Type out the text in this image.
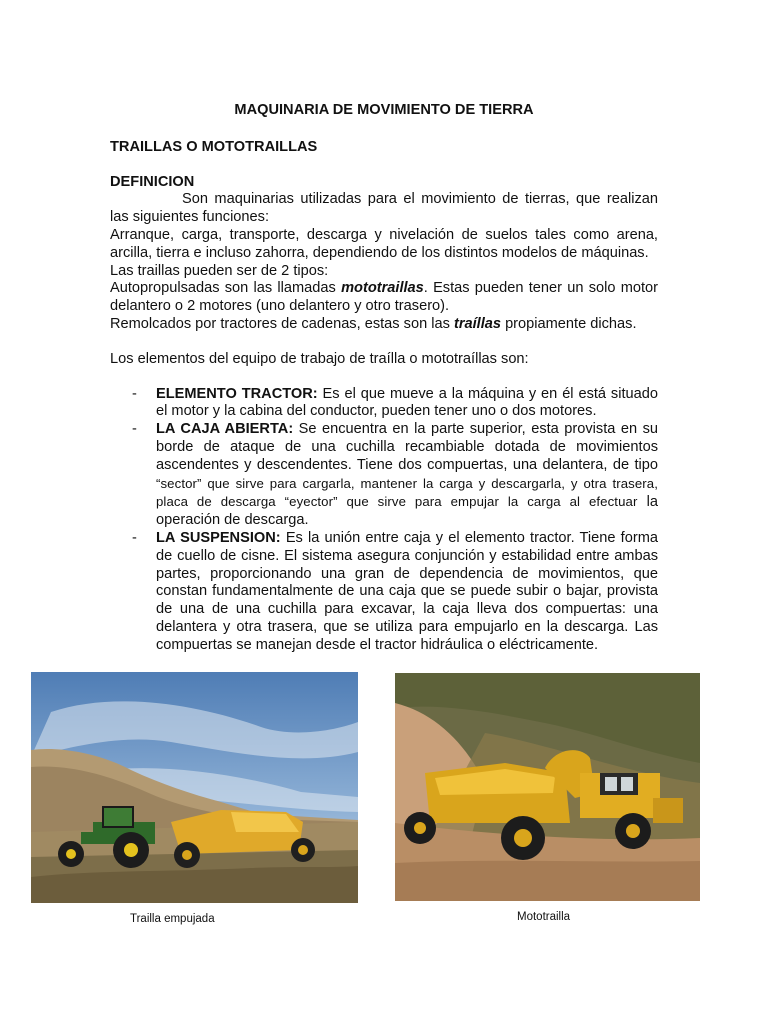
MAQUINARIA DE MOVIMIENTO DE TIERRA

TRAILLAS O MOTOTRAILLAS

DEFINICION

Son maquinarias utilizadas para el movimiento de tierras, que realizan las siguientes funciones:

Arranque, carga, transporte, descarga y nivelación de suelos tales como arena, arcilla, tierra e incluso zahorra, dependiendo de los distintos modelos de máquinas.

Las traillas pueden ser de 2 tipos:

Autopropulsadas son las llamadas mototraillas. Estas pueden tener un solo motor delantero o 2 motores (uno delantero y otro trasero).

Remolcados por tractores de cadenas, estas son las traíllas propiamente dichas.

Los elementos del equipo de trabajo de traílla o mototraíllas son:

- ELEMENTO TRACTOR: Es el que mueve a la máquina y en él está situado el motor y la cabina del conductor, pueden tener uno o dos motores.
- LA CAJA ABIERTA: Se encuentra en la parte superior, esta provista en su borde de ataque de una cuchilla recambiable dotada de movimientos ascendentes y descendentes. Tiene dos compuertas, una delantera, de tipo “sector” que sirve para cargarla, mantener la carga y descargarla, y otra trasera, placa de descarga “eyector” que sirve para empujar la carga al efectuar la operación de descarga.
- LA SUSPENSION: Es la unión entre caja y el elemento tractor. Tiene forma de cuello de cisne. El sistema asegura conjunción y estabilidad entre ambas partes, proporcionando una gran de dependencia de movimientos, que constan fundamentalmente de una caja que se puede subir o bajar, provista de una de una cuchilla para excavar, la caja lleva dos compuertas: una delantera y otra trasera, que se utiliza para empujarlo en la descarga. Las compuertas se manejan desde el tractor hidráulica o eléctricamente.
Trailla empujada	Mototrailla
